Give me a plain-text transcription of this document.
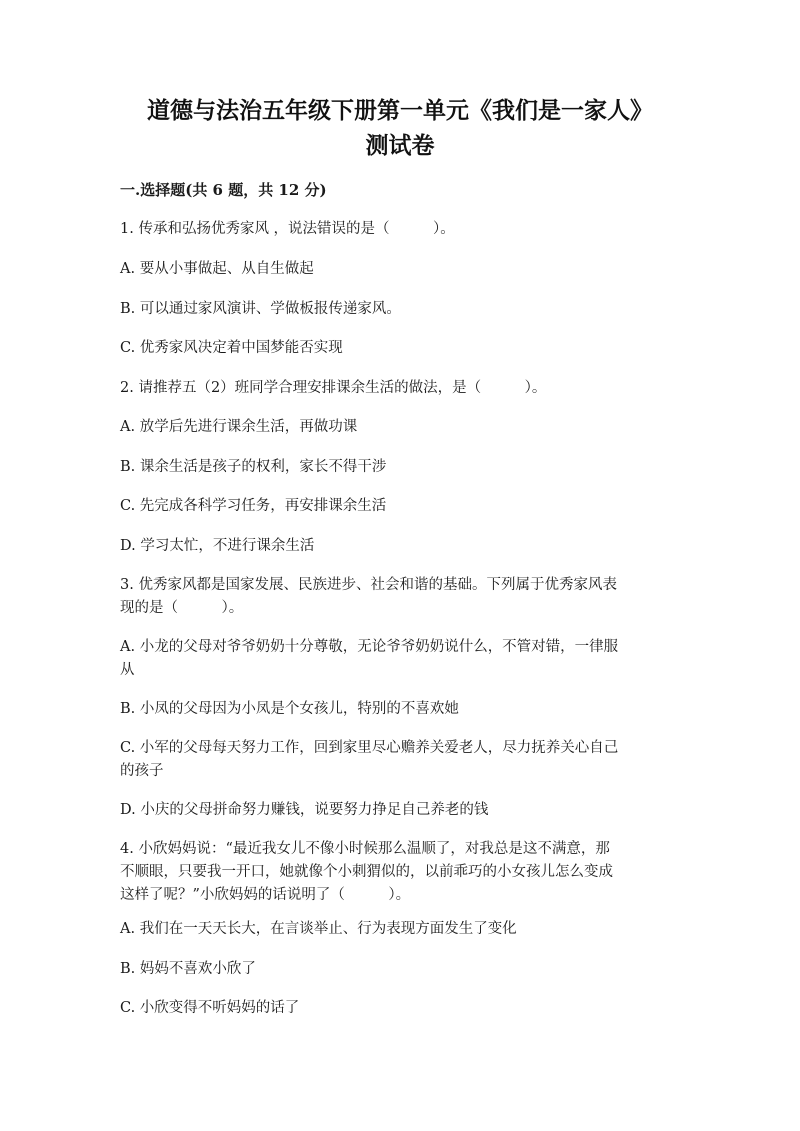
道德与法治五年级下册第一单元《我们是一家人》
测试卷
一.选择题(共 6 题，共 12 分)
1. 传承和弘扬优秀家风 ，说法错误的是（　　　）。
A. 要从小事做起、从自生做起
B. 可以通过家风演讲、学做板报传递家风。
C. 优秀家风决定着中国梦能否实现
2. 请推荐五（2）班同学合理安排课余生活的做法，是（　　　）。
A. 放学后先进行课余生活，再做功课
B. 课余生活是孩子的权利，家长不得干涉
C. 先完成各科学习任务，再安排课余生活
D. 学习太忙，不进行课余生活
3. 优秀家风都是国家发展、民族进步、社会和谐的基础。下列属于优秀家风表
现的是（　　　）。
A. 小龙的父母对爷爷奶奶十分尊敬，无论爷爷奶奶说什么，不管对错，一律服
从
B. 小凤的父母因为小凤是个女孩儿，特别的不喜欢她
C. 小军的父母每天努力工作，回到家里尽心赡养关爱老人，尽力抚养关心自己
的孩子
D. 小庆的父母拼命努力赚钱，说要努力挣足自己养老的钱
4. 小欣妈妈说：“最近我女儿不像小时候那么温顺了，对我总是这不满意，那
不顺眼，只要我一开口，她就像个小刺猬似的，以前乖巧的小女孩儿怎么变成
这样了呢？”小欣妈妈的话说明了（　　　）。
A. 我们在一天天长大，在言谈举止、行为表现方面发生了变化
B. 妈妈不喜欢小欣了
C. 小欣变得不听妈妈的话了
